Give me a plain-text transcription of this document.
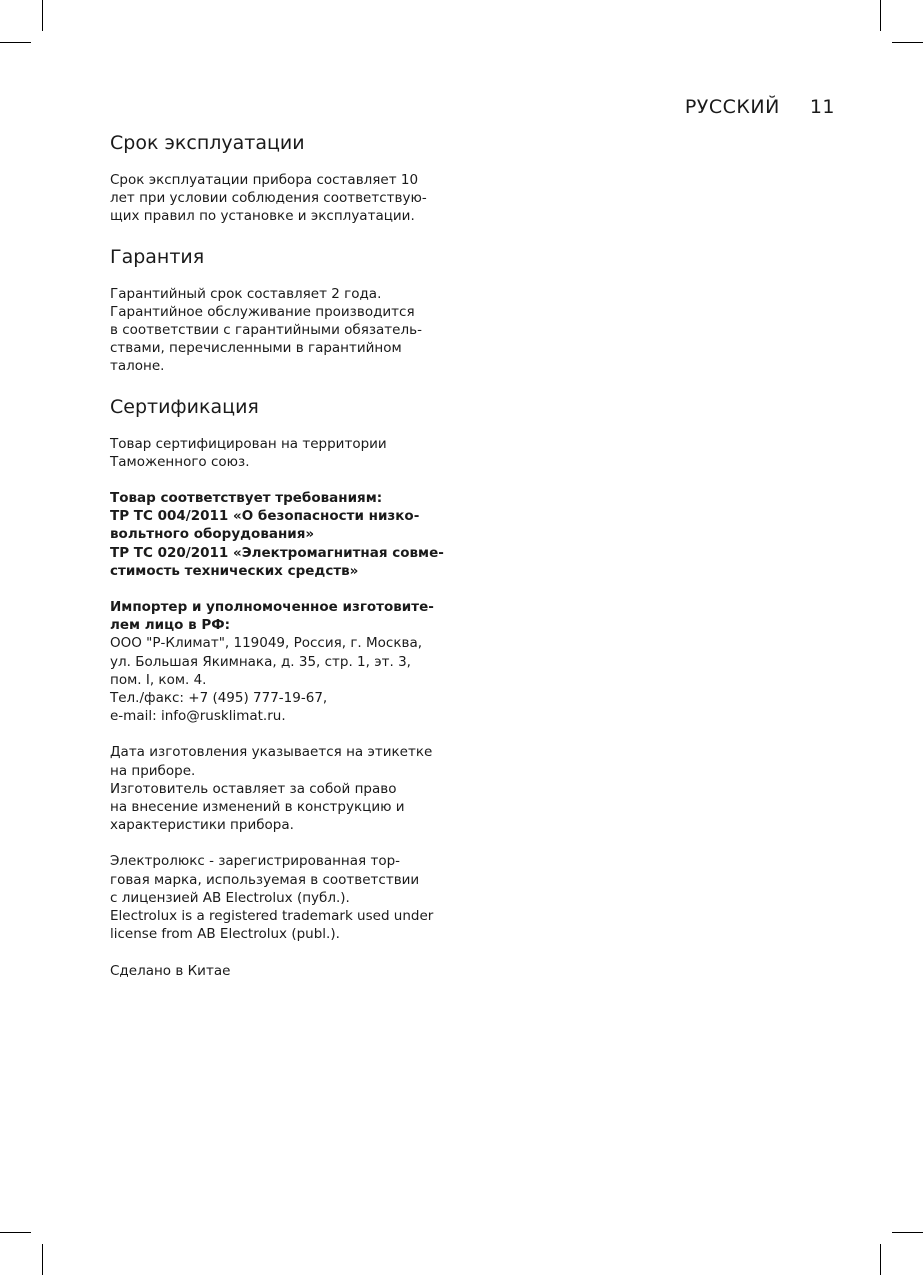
РУССКИЙ 11
Срок эксплуатации

Срок эксплуатации прибора составляет 10
лет при условии соблюдения соответствую-
щих правил по установке и эксплуатации.

Гарантия

Гарантийный срок составляет 2 года.
Гарантийное обслуживание производится
в соответствии с гарантийными обязатель-
ствами, перечисленными в гарантийном
талоне.

Сертификация

Товар сертифицирован на территории
Таможенного союз.

Товар соответствует требованиям:
ТР ТС 004/2011 «О безопасности низко-
вольтного оборудования»
ТР ТС 020/2011 «Электромагнитная совме-
стимость технических средств»

Импортер и уполномоченное изготовите-
лем лицо в РФ:

ООО "Р-Климат", 119049, Россия, г. Москва,
ул. Большая Якимнака, д. 35, стр. 1, эт. 3,
пом. I, ком. 4.
Тел./факс: +7 (495) 777-19-67,
e-mail: info@rusklimat.ru.

Дата изготовления указывается на этикетке
на приборе.
Изготовитель оставляет за собой право
на внесение изменений в конструкцию и
характеристики прибора.

Электролюкс - зарегистрированная тор-
говая марка, используемая в соответствии
с лицензией AB Electrolux (публ.).
Electrolux is a registered trademark used under
license from AB Electrolux (publ.).

Сделано в Китае
